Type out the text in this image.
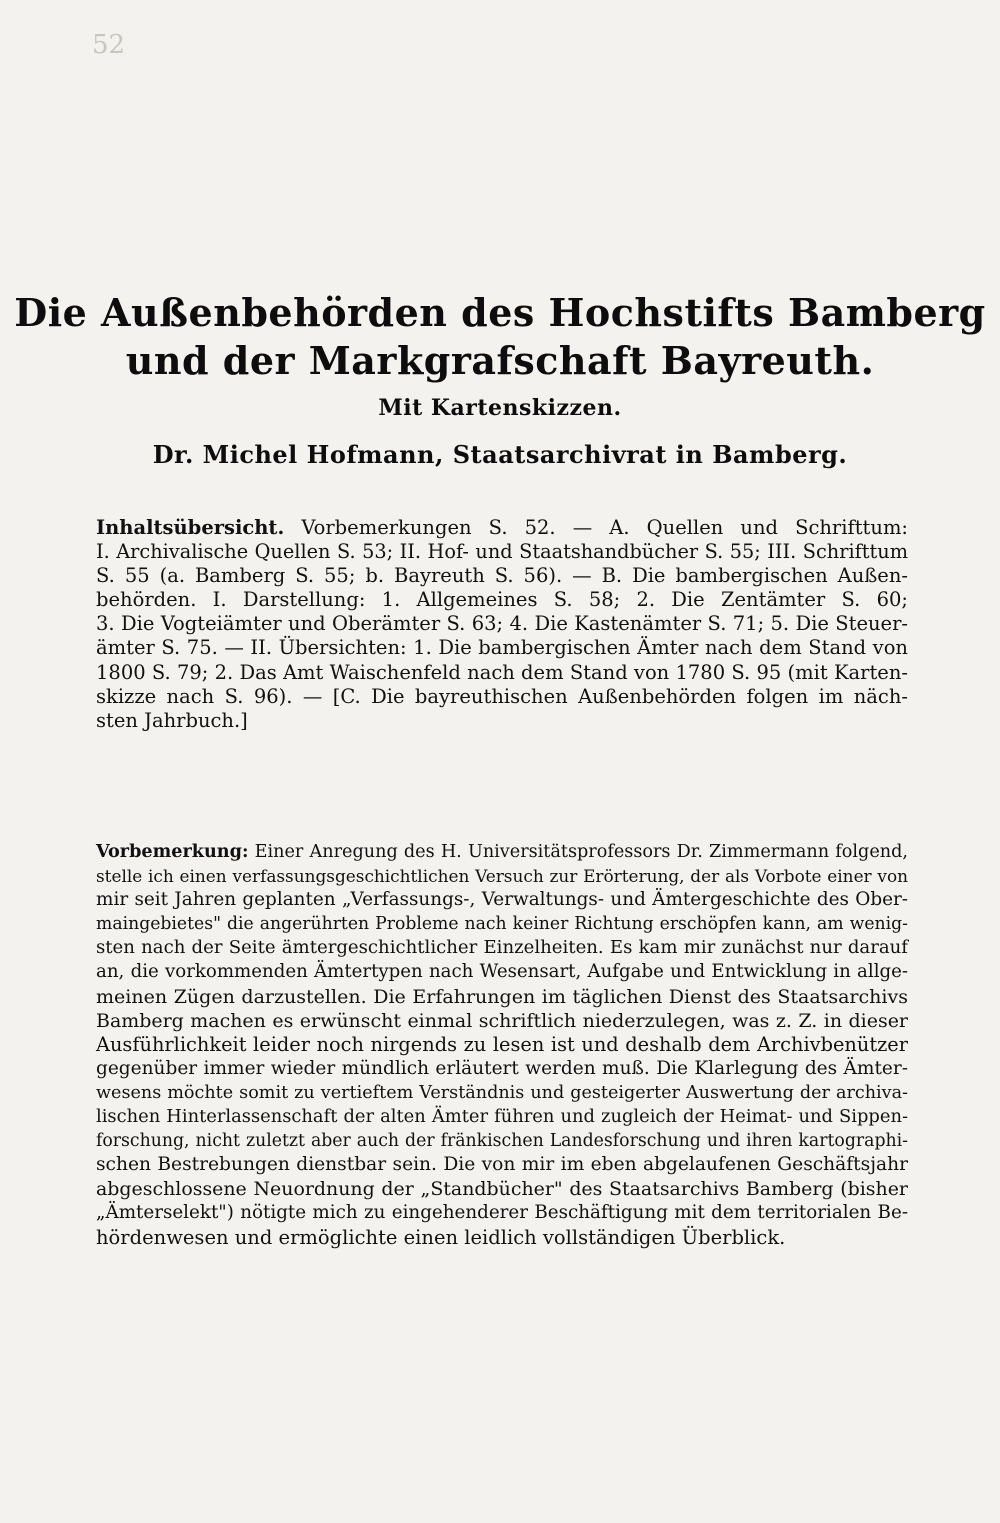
52
Die Außenbehörden des Hochstifts Bamberg
und der Markgrafschaft Bayreuth.
Mit Kartenskizzen.
Dr. Michel Hofmann, Staatsarchivrat in Bamberg.
Inhaltsübersicht. Vorbemerkungen S. 52. — A. Quellen und Schrifttum:
I. Archivalische Quellen S. 53; II. Hof- und Staatshandbücher S. 55; III. Schrifttum
S. 55 (a. Bamberg S. 55; b. Bayreuth S. 56). — B. Die bambergischen Außen-
behörden. I. Darstellung: 1. Allgemeines S. 58; 2. Die Zentämter S. 60;
3. Die Vogteiämter und Oberämter S. 63; 4. Die Kastenämter S. 71; 5. Die Steuer-
ämter S. 75. — II. Übersichten: 1. Die bambergischen Ämter nach dem Stand von
1800 S. 79; 2. Das Amt Waischenfeld nach dem Stand von 1780 S. 95 (mit Karten-
skizze nach S. 96). — [C. Die bayreuthischen Außenbehörden folgen im näch-
sten Jahrbuch.]
Vorbemerkung: Einer Anregung des H. Universitätsprofessors Dr. Zimmermann folgend,
stelle ich einen verfassungsgeschichtlichen Versuch zur Erörterung, der als Vorbote einer von
mir seit Jahren geplanten „Verfassungs-, Verwaltungs- und Ämtergeschichte des Ober-
maingebietes" die angerührten Probleme nach keiner Richtung erschöpfen kann, am wenig-
sten nach der Seite ämtergeschichtlicher Einzelheiten. Es kam mir zunächst nur darauf
an, die vorkommenden Ämtertypen nach Wesensart, Aufgabe und Entwicklung in allge-
meinen Zügen darzustellen. Die Erfahrungen im täglichen Dienst des Staatsarchivs
Bamberg machen es erwünscht einmal schriftlich niederzulegen, was z. Z. in dieser
Ausführlichkeit leider noch nirgends zu lesen ist und deshalb dem Archivbenützer
gegenüber immer wieder mündlich erläutert werden muß. Die Klarlegung des Ämter-
wesens möchte somit zu vertieftem Verständnis und gesteigerter Auswertung der archiva-
lischen Hinterlassenschaft der alten Ämter führen und zugleich der Heimat- und Sippen-
forschung, nicht zuletzt aber auch der fränkischen Landesforschung und ihren kartographi-
schen Bestrebungen dienstbar sein. Die von mir im eben abgelaufenen Geschäftsjahr
abgeschlossene Neuordnung der „Standbücher" des Staatsarchivs Bamberg (bisher
„Ämterselekt") nötigte mich zu eingehenderer Beschäftigung mit dem territorialen Be-
hördenwesen und ermöglichte einen leidlich vollständigen Überblick.
